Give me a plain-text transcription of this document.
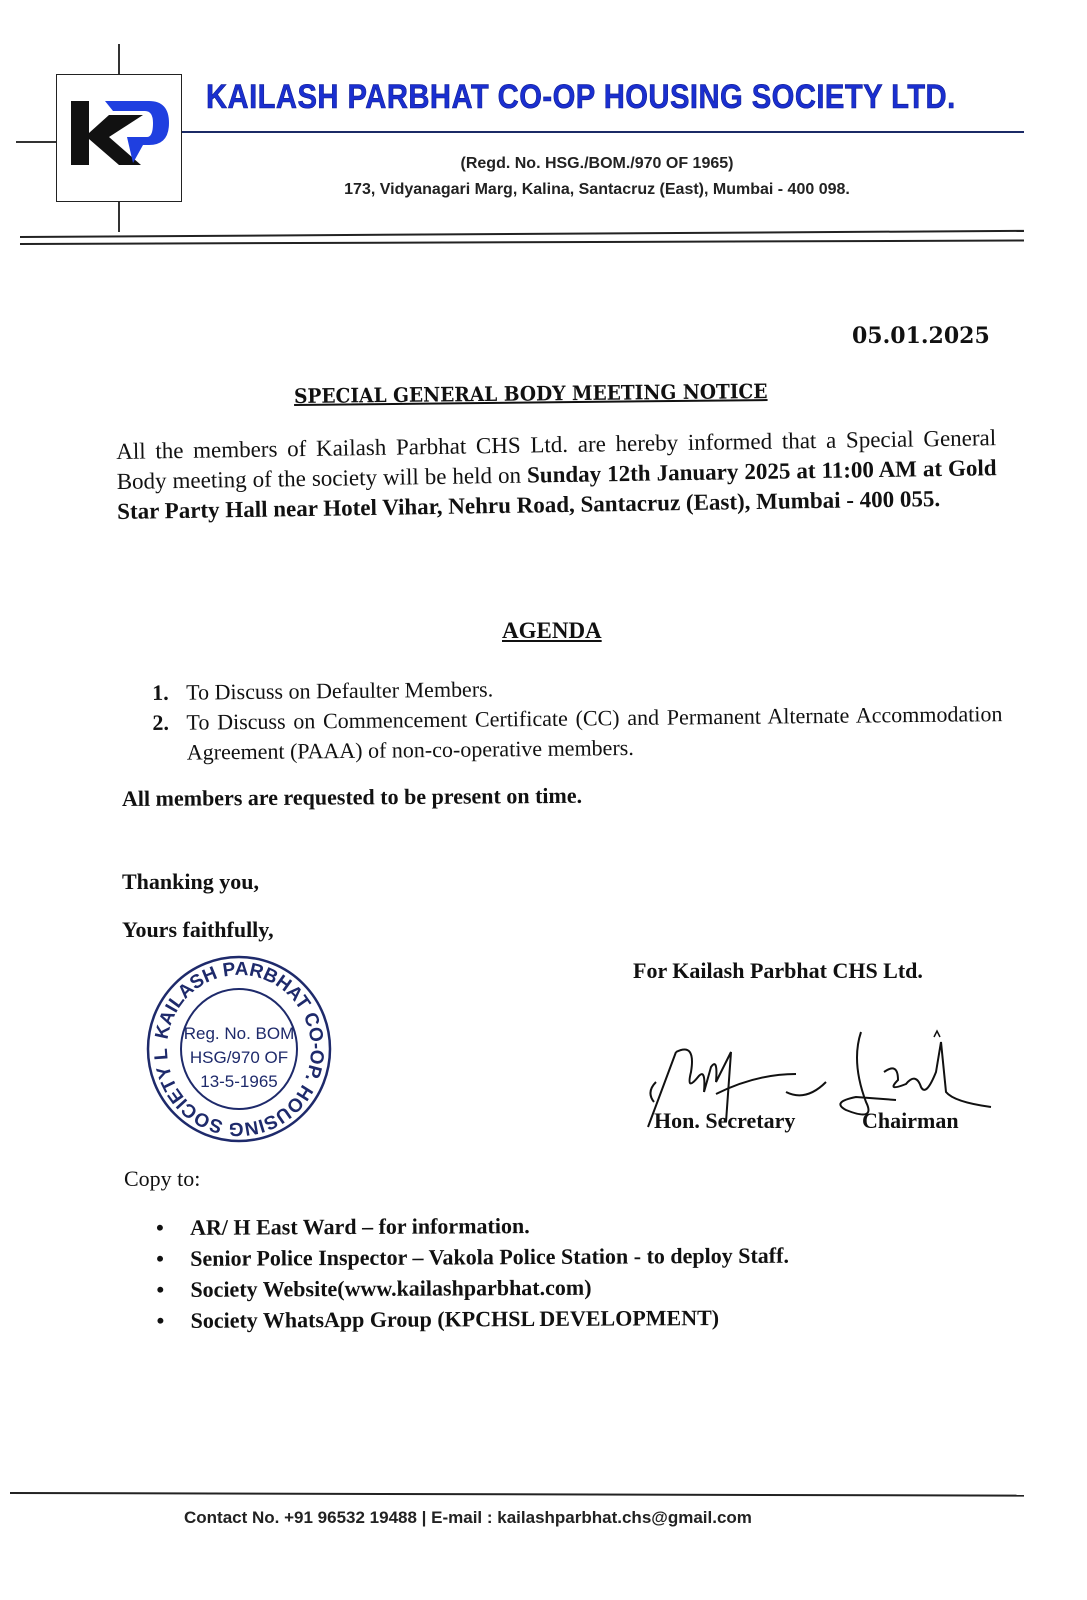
KAILASH PARBHAT CO-OP HOUSING SOCIETY LTD.
(Regd. No. HSG./BOM./970 OF 1965)
173, Vidyanagari Marg, Kalina, Santacruz (East), Mumbai - 400 098.
05.01.2025
SPECIAL GENERAL BODY MEETING NOTICE
All the members of Kailash Parbhat CHS Ltd. are hereby informed that a Special General Body meeting of the society will be held on Sunday 12th January 2025 at 11:00 AM at Gold Star Party Hall near Hotel Vihar, Nehru Road, Santacruz (East), Mumbai - 400 055.
AGENDA
1. To Discuss on Defaulter Members.
2. To Discuss on Commencement Certificate (CC) and Permanent Alternate Accommodation Agreement (PAAA) of non-co-operative members.
All members are requested to be present on time.
Thanking you,
Yours faithfully,
For Kailash Parbhat CHS Ltd.
KAILASH PARBHAT CO-OP. HOUSING SOCIETY L
Reg. No. BOM
HSG/970 OF
13-5-1965
Hon. Secretary	Chairman
Copy to:
•	AR/ H East Ward – for information.
•	Senior Police Inspector – Vakola Police Station - to deploy Staff.
•	Society Website(www.kailashparbhat.com)
•	Society WhatsApp Group (KPCHSL DEVELOPMENT)
Contact No. +91 96532 19488 | E-mail : kailashparbhat.chs@gmail.com
